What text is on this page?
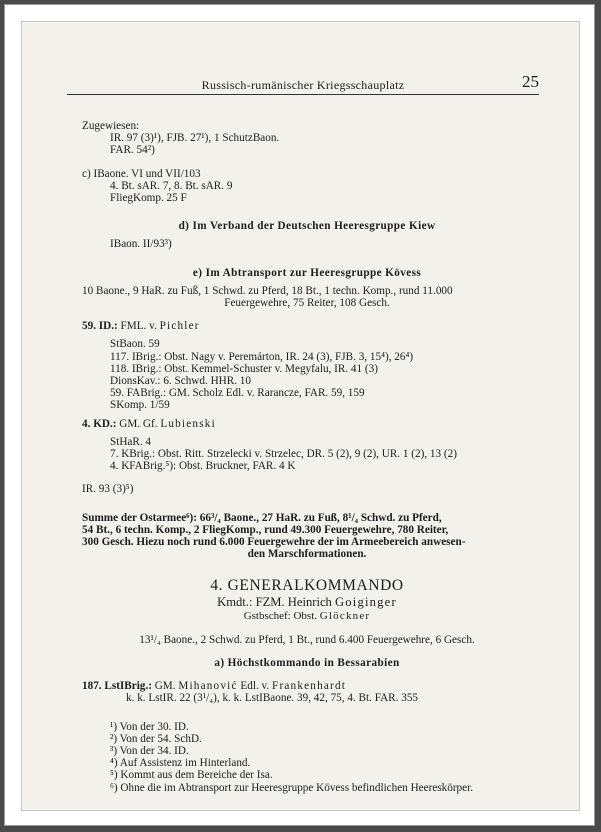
Russisch-rumänischer Kriegsschauplatz	25

Zugewiesen:

IR. 97 (3)¹), FJB. 27¹), 1 SchutzBaon.

FAR. 54²)

c) IBaone. VI und VII/103

4. Bt. sAR. 7, 8. Bt. sAR. 9

FliegKomp. 25 F

d) Im Verband der Deutschen Heeresgruppe Kiew

IBaon. II/93³)

e) Im Abtransport zur Heeresgruppe Kövess

10 Baone., 9 HaR. zu Fuß, 1 Schwd. zu Pferd, 18 Bt., 1 techn. Komp., rund 11.000

Feuergewehre, 75 Reiter, 108 Gesch.

59. ID.: FML. v. Pichler

StBaon. 59

117. IBrig.: Obst. Nagy v. Peremárton, IR. 24 (3), FJB. 3, 15⁴), 26⁴)

118. IBrig.: Obst. Kemmel-Schuster v. Megyfalu, IR. 41 (3)

DionsKav.: 6. Schwd. HHR. 10

59. FABrig.: GM. Scholz Edl. v. Rarancze, FAR. 59, 159

SKomp. 1/59

4. KD.: GM. Gf. Lubienski

StHaR. 4

7. KBrig.: Obst. Ritt. Strzelecki v. Strzelec, DR. 5 (2), 9 (2), UR. 1 (2), 13 (2)

4. KFABrig.⁵): Obst. Bruckner, FAR. 4 K

IR. 93 (3)⁵)

Summe der Ostarmee⁶): 66³/₄ Baone., 27 HaR. zu Fuß, 8¹/₄ Schwd. zu Pferd,

54 Bt., 6 techn. Komp., 2 FliegKomp., rund 49.300 Feuergewehre, 780 Reiter,

300 Gesch. Hiezu noch rund 6.000 Feuergewehre der im Armeebereich anwesen-

den Marschformationen.

4. GENERALKOMMANDO

Kmdt.: FZM. Heinrich Goiginger

Gstbschef: Obst. Glöckner

13¹/₄ Baone., 2 Schwd. zu Pferd, 1 Bt., rund 6.400 Feuergewehre, 6 Gesch.

a) Höchstkommando in Bessarabien

187. LstIBrig.: GM. Mihanović Edl. v. Frankenhardt

k. k. LstIR. 22 (3¹/₄), k. k. LstIBaone. 39, 42, 75, 4. Bt. FAR. 355

¹) Von der 30. ID.

²) Von der 54. SchD.

³) Von der 34. ID.

⁴) Auf Assistenz im Hinterland.

⁵) Kommt aus dem Bereiche der Isa.

⁶) Ohne die im Abtransport zur Heeresgruppe Kövess befindlichen Heereskörper.
